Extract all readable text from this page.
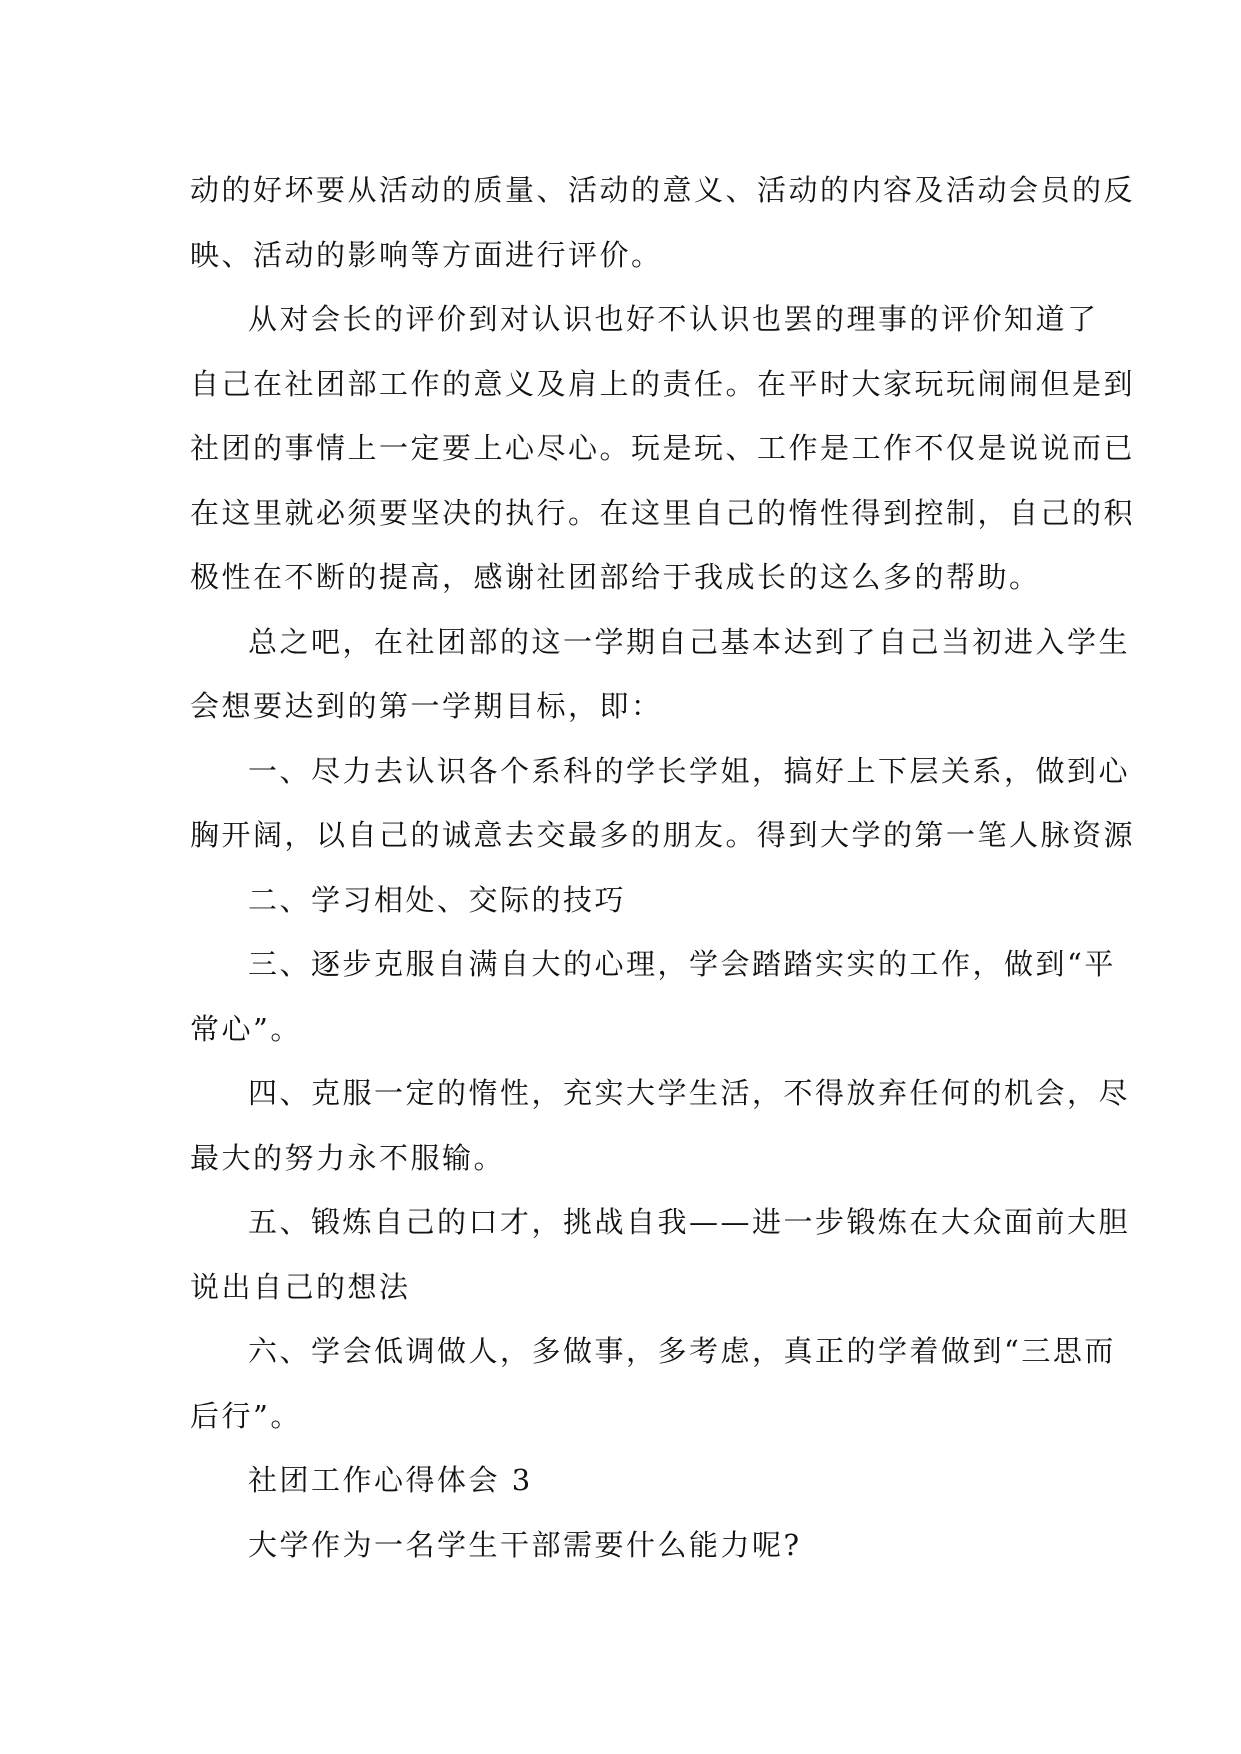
动的好坏要从活动的质量、活动的意义、活动的内容及活动会员的反
映、活动的影响等方面进行评价。

从对会长的评价到对认识也好不认识也罢的理事的评价知道了
自己在社团部工作的意义及肩上的责任。在平时大家玩玩闹闹但是到
社团的事情上一定要上心尽心。玩是玩、工作是工作不仅是说说而已
在这里就必须要坚决的执行。在这里自己的惰性得到控制，自己的积
极性在不断的提高，感谢社团部给于我成长的这么多的帮助。

总之吧，在社团部的这一学期自己基本达到了自己当初进入学生
会想要达到的第一学期目标，即：

一、尽力去认识各个系科的学长学姐，搞好上下层关系，做到心
胸开阔，以自己的诚意去交最多的朋友。得到大学的第一笔人脉资源

二、学习相处、交际的技巧

三、逐步克服自满自大的心理，学会踏踏实实的工作，做到“平
常心”。

四、克服一定的惰性，充实大学生活，不得放弃任何的机会，尽
最大的努力永不服输。

五、锻炼自己的口才，挑战自我——进一步锻炼在大众面前大胆
说出自己的想法

六、学会低调做人，多做事，多考虑，真正的学着做到“三思而
后行”。

社团工作心得体会 3

大学作为一名学生干部需要什么能力呢?
